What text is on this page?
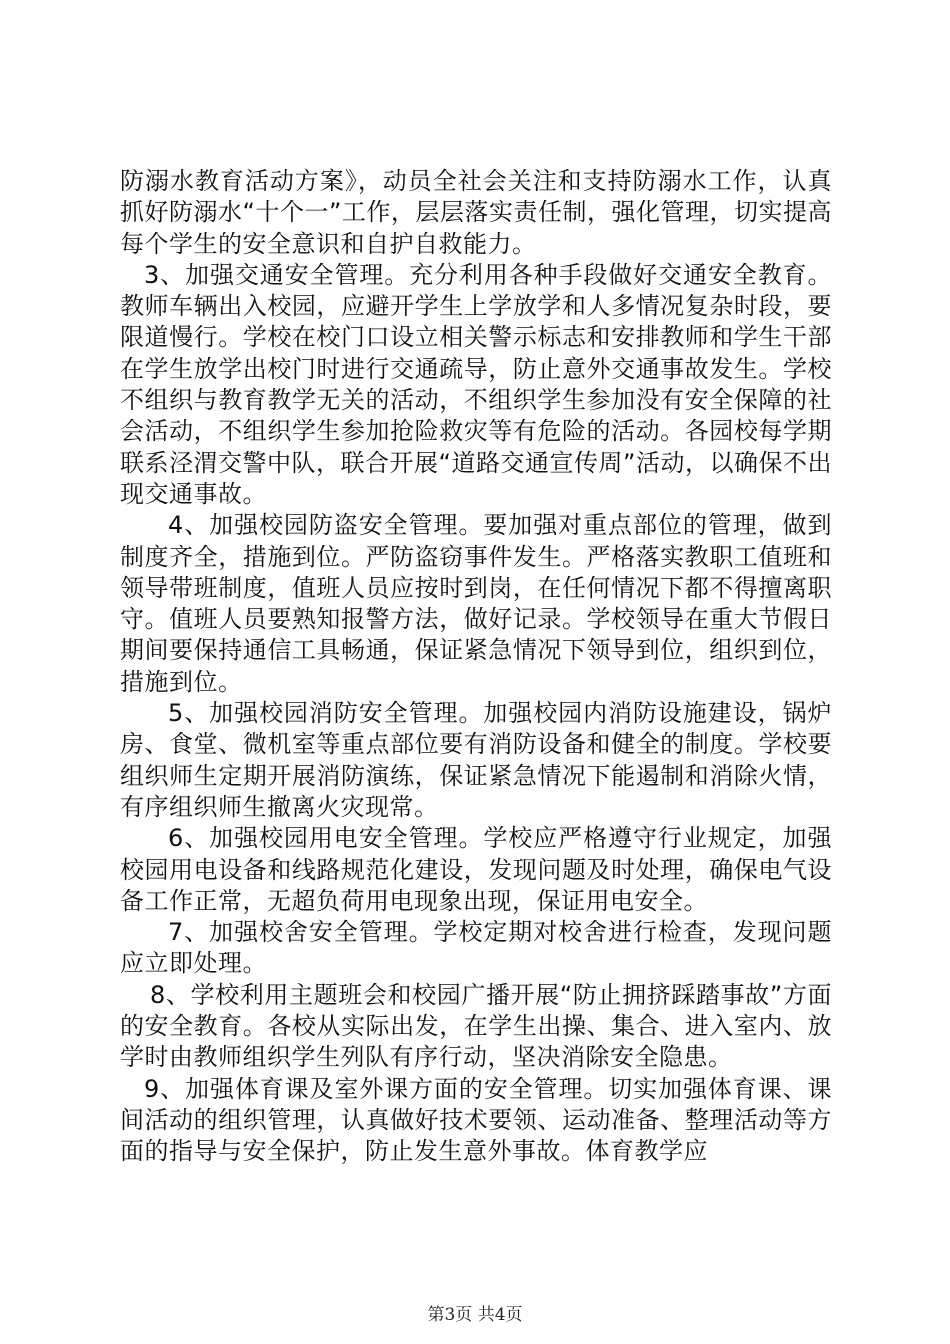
防溺水教育活动方案》，动员全社会关注和支持防溺水工作，认真抓好防溺水“十个一”工作，层层落实责任制，强化管理，切实提高每个学生的安全意识和自护自救能力。

3、加强交通安全管理。充分利用各种手段做好交通安全教育。教师车辆出入校园，应避开学生上学放学和人多情况复杂时段，要限道慢行。学校在校门口设立相关警示标志和安排教师和学生干部在学生放学出校门时进行交通疏导，防止意外交通事故发生。学校不组织与教育教学无关的活动，不组织学生参加没有安全保障的社会活动，不组织学生参加抢险救灾等有危险的活动。各园校每学期联系泾渭交警中队，联合开展“道路交通宣传周”活动，以确保不出现交通事故。

4、加强校园防盗安全管理。要加强对重点部位的管理，做到制度齐全，措施到位。严防盗窃事件发生。严格落实教职工值班和领导带班制度，值班人员应按时到岗，在任何情况下都不得擅离职守。值班人员要熟知报警方法，做好记录。学校领导在重大节假日期间要保持通信工具畅通，保证紧急情况下领导到位，组织到位，措施到位。

5、加强校园消防安全管理。加强校园内消防设施建设，锅炉房、食堂、微机室等重点部位要有消防设备和健全的制度。学校要组织师生定期开展消防演练，保证紧急情况下能遏制和消除火情，有序组织师生撤离火灾现常。

6、加强校园用电安全管理。学校应严格遵守行业规定，加强校园用电设备和线路规范化建设，发现问题及时处理，确保电气设备工作正常，无超负荷用电现象出现，保证用电安全。

7、加强校舍安全管理。学校定期对校舍进行检查，发现问题应立即处理。

8、学校利用主题班会和校园广播开展“防止拥挤踩踏事故”方面的安全教育。各校从实际出发，在学生出操、集合、进入室内、放学时由教师组织学生列队有序行动，坚决消除安全隐患。

9、加强体育课及室外课方面的安全管理。切实加强体育课、课间活动的组织管理，认真做好技术要领、运动准备、整理活动等方面的指导与安全保护，防止发生意外事故。体育教学应

第3页 共4页
